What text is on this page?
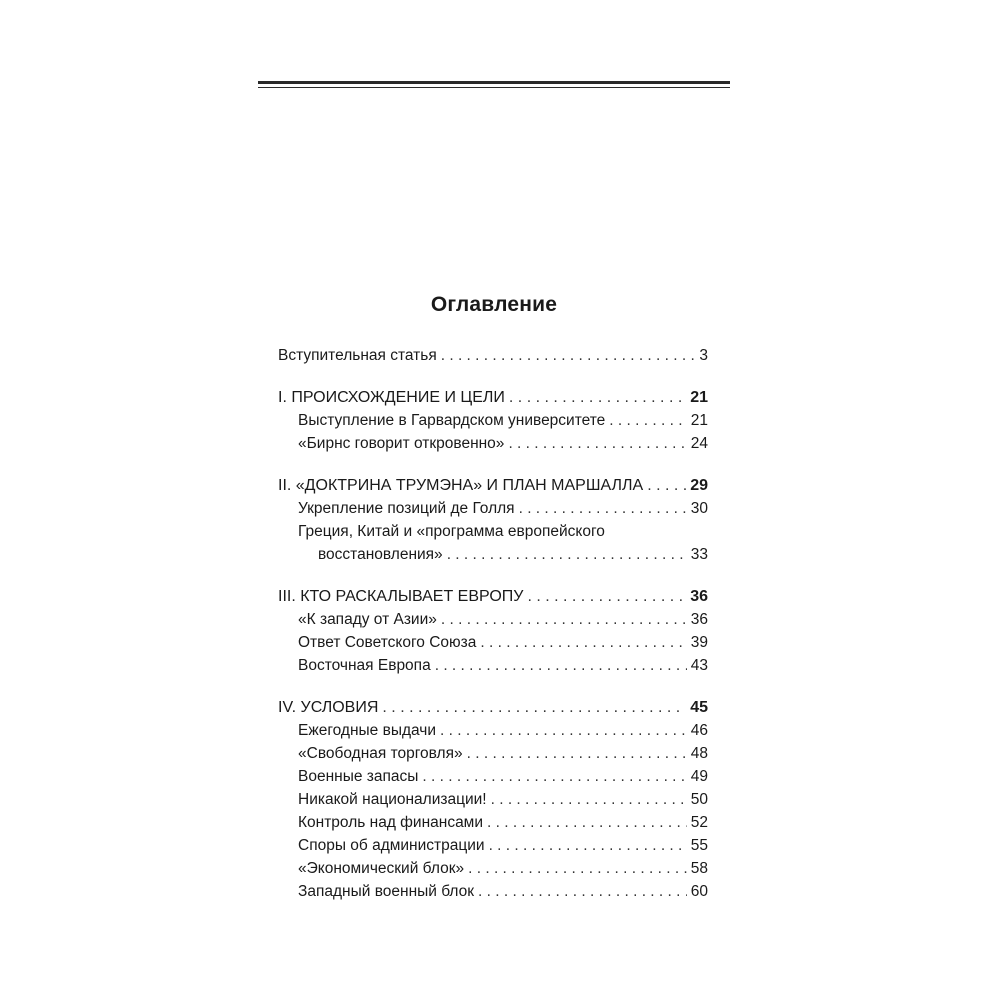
Оглавление
Вступительная статья . . .	3
I. ПРОИСХОЖДЕНИЕ И ЦЕЛИ . . .	21
Выступление в Гарвардском университете . . .	21
«Бирнс говорит откровенно» . . .	24
II. «ДОКТРИНА ТРУМЭНА» И ПЛАН МАРШАЛЛА . . .	29
Укрепление позиций де Голля . . .	30
Греция, Китай и «программа европейского
восстановления» . . .	33
III. КТО РАСКАЛЫВАЕТ ЕВРОПУ . . .	36
«К западу от Азии» . . .	36
Ответ Советского Союза . . .	39
Восточная Европа . . .	43
IV. УСЛОВИЯ . . .	45
Ежегодные выдачи . . .	46
«Свободная торговля» . . .	48
Военные запасы . . .	49
Никакой национализации! . . .	50
Контроль над финансами . . .	52
Споры об администрации . . .	55
«Экономический блок» . . .	58
Западный военный блок . . .	60
